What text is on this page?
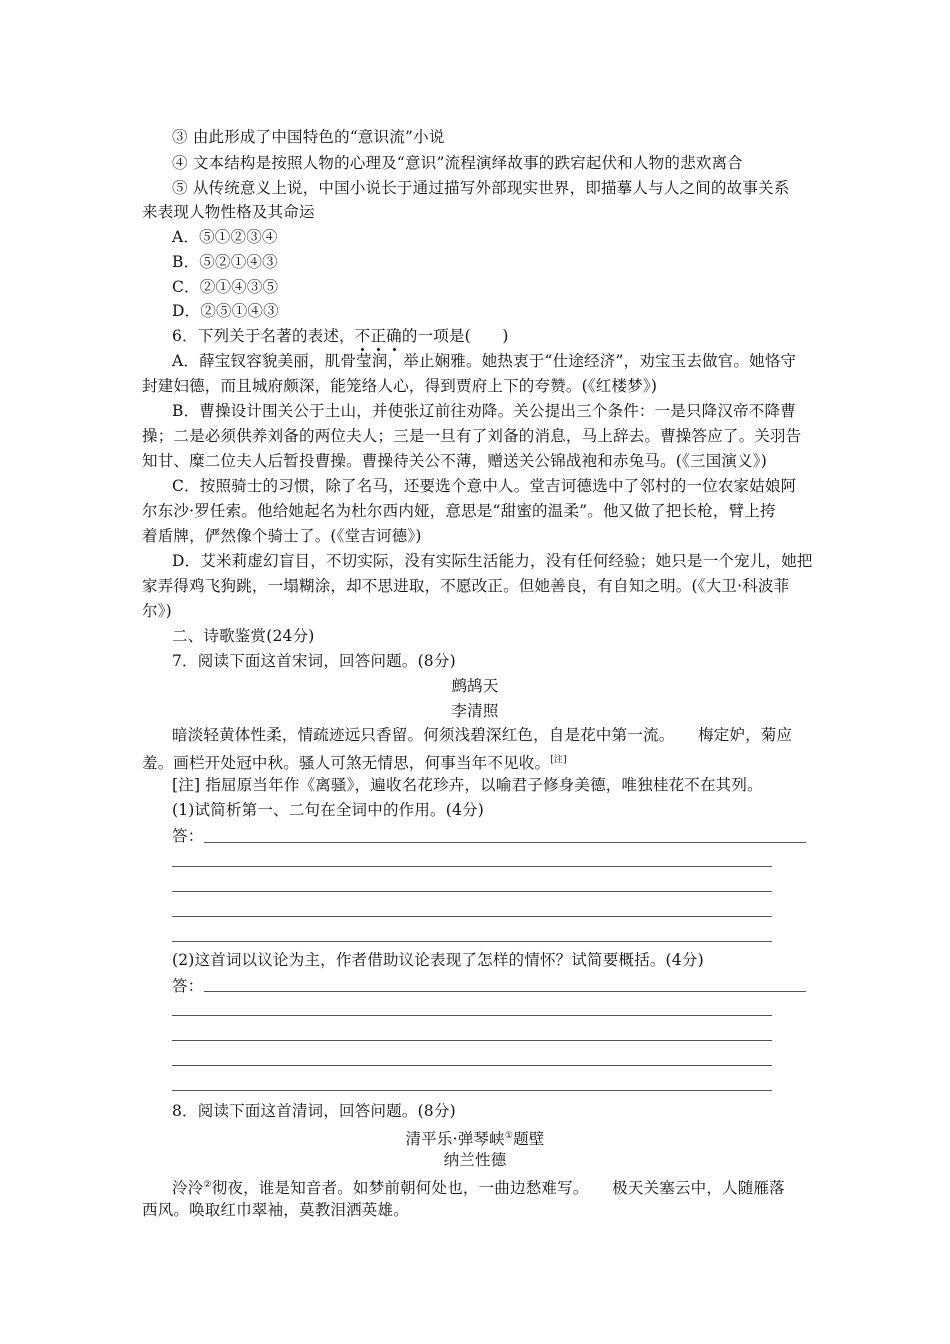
③ 由此形成了中国特色的“意识流”小说
④ 文本结构是按照人物的心理及“意识”流程演绎故事的跌宕起伏和人物的悲欢离合
⑤ 从传统意义上说，中国小说长于通过描写外部现实世界，即描摹人与人之间的故事关系
来表现人物性格及其命运
A．⑤①②③④
B．⑤②①④③
C．②①④③⑤
D．②⑤①④③
6．下列关于名著的表述，不正确的一项是(　　)
A．薛宝钗容貌美丽，肌骨莹润，举止娴雅。她热衷于“仕途经济”，劝宝玉去做官。她恪守
封建妇德，而且城府颇深，能笼络人心，得到贾府上下的夸赞。(《红楼梦》)
B．曹操设计围关公于土山，并使张辽前往劝降。关公提出三个条件：一是只降汉帝不降曹
操；二是必须供养刘备的两位夫人；三是一旦有了刘备的消息，马上辞去。曹操答应了。关羽告
知甘、糜二位夫人后暂投曹操。曹操待关公不薄，赠送关公锦战袍和赤兔马。(《三国演义》)
C．按照骑士的习惯，除了名马，还要选个意中人。堂吉诃德选中了邻村的一位农家姑娘阿
尔东沙·罗任索。他给她起名为杜尔西内娅，意思是“甜蜜的温柔”。他又做了把长枪，臂上挎
着盾牌，俨然像个骑士了。(《堂吉诃德》)
D．艾米莉虚幻盲目，不切实际，没有实际生活能力，没有任何经验；她只是一个宠儿，她把
家弄得鸡飞狗跳，一塌糊涂，却不思进取，不愿改正。但她善良，有自知之明。(《大卫·科波菲
尔》)
二、诗歌鉴赏(24分)
7．阅读下面这首宋词，回答问题。(8分)
鹧鸪天
李清照
暗淡轻黄体性柔，情疏迹远只香留。何须浅碧深红色，自是花中第一流。　　梅定妒，菊应
羞。画栏开处冠中秋。骚人可煞无情思，何事当年不见收。[注]
[注] 指屈原当年作《离骚》，遍收名花珍卉，以喻君子修身美德，唯独桂花不在其列。
(1)试简析第一、二句在全词中的作用。(4分)
答：
(2)这首词以议论为主，作者借助议论表现了怎样的情怀？试简要概括。(4分)
答：
8．阅读下面这首清词，回答问题。(8分)
清平乐·弹琴峡①题壁
纳兰性德
泠泠②彻夜，谁是知音者。如梦前朝何处也，一曲边愁难写。　　极天关塞云中，人随雁落
西风。唤取红巾翠袖，莫教泪洒英雄。
